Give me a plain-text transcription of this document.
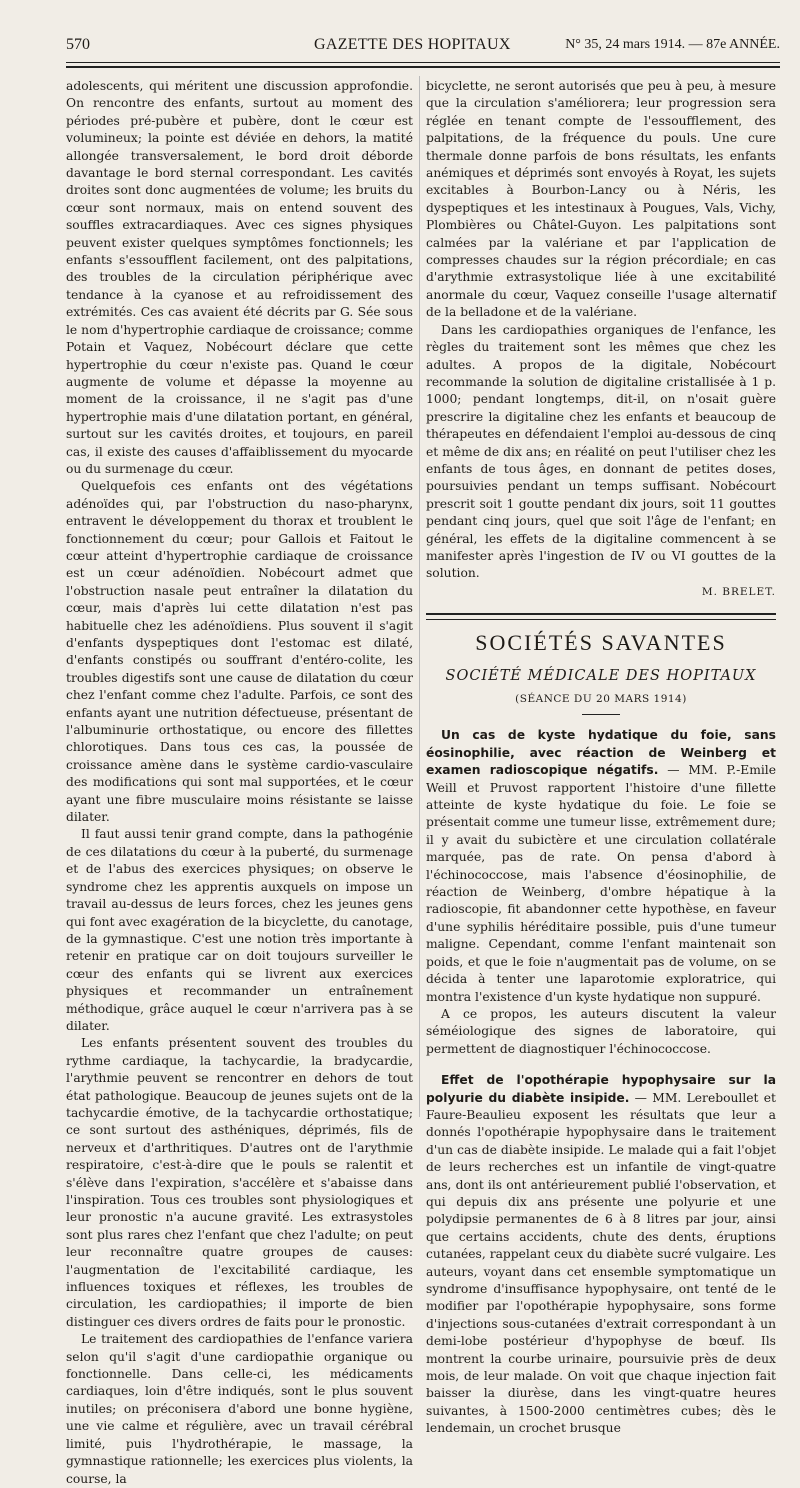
570	GAZETTE DES HOPITAUX	N° 35, 24 mars 1914. — 87e ANNÉE.

adolescents, qui méritent une discussion approfondie. On rencontre des enfants, surtout au moment des périodes pré-pubère et pubère, dont le cœur est volumineux; la pointe est déviée en dehors, la matité allongée transversalement, le bord droit déborde davantage le bord sternal correspondant. Les cavités droites sont donc augmentées de volume; les bruits du cœur sont normaux, mais on entend souvent des souffles extracardiaques. Avec ces signes physiques peuvent exister quelques symptômes fonctionnels; les enfants s'essoufflent facilement, ont des palpitations, des troubles de la circulation périphérique avec tendance à la cyanose et au refroidissement des extrémités. Ces cas avaient été décrits par G. Sée sous le nom d'hypertrophie cardiaque de croissance; comme Potain et Vaquez, Nobécourt déclare que cette hypertrophie du cœur n'existe pas. Quand le cœur augmente de volume et dépasse la moyenne au moment de la croissance, il ne s'agit pas d'une hypertrophie mais d'une dilatation portant, en général, surtout sur les cavités droites, et toujours, en pareil cas, il existe des causes d'affaiblissement du myocarde ou du surmenage du cœur.

Quelquefois ces enfants ont des végétations adénoïdes qui, par l'obstruction du naso-pharynx, entravent le développement du thorax et troublent le fonctionnement du cœur; pour Gallois et Faitout le cœur atteint d'hypertrophie cardiaque de croissance est un cœur adénoïdien. Nobécourt admet que l'obstruction nasale peut entraîner la dilatation du cœur, mais d'après lui cette dilatation n'est pas habituelle chez les adénoïdiens. Plus souvent il s'agit d'enfants dyspeptiques dont l'estomac est dilaté, d'enfants constipés ou souffrant d'entéro-colite, les troubles digestifs sont une cause de dilatation du cœur chez l'enfant comme chez l'adulte. Parfois, ce sont des enfants ayant une nutrition défectueuse, présentant de l'albuminurie orthostatique, ou encore des fillettes chlorotiques. Dans tous ces cas, la poussée de croissance amène dans le système cardio-vasculaire des modifications qui sont mal supportées, et le cœur ayant une fibre musculaire moins résistante se laisse dilater.

Il faut aussi tenir grand compte, dans la pathogénie de ces dilatations du cœur à la puberté, du surmenage et de l'abus des exercices physiques; on observe le syndrome chez les apprentis auxquels on impose un travail au-dessus de leurs forces, chez les jeunes gens qui font avec exagération de la bicyclette, du canotage, de la gymnastique. C'est une notion très importante à retenir en pratique car on doit toujours surveiller le cœur des enfants qui se livrent aux exercices physiques et recommander un entraînement méthodique, grâce auquel le cœur n'arrivera pas à se dilater.

Les enfants présentent souvent des troubles du rythme cardiaque, la tachycardie, la bradycardie, l'arythmie peuvent se rencontrer en dehors de tout état pathologique. Beaucoup de jeunes sujets ont de la tachycardie émotive, de la tachycardie orthostatique; ce sont surtout des asthéniques, déprimés, fils de nerveux et d'arthritiques. D'autres ont de l'arythmie respiratoire, c'est-à-dire que le pouls se ralentit et s'élève dans l'expiration, s'accélère et s'abaisse dans l'inspiration. Tous ces troubles sont physiologiques et leur pronostic n'a aucune gravité. Les extrasystoles sont plus rares chez l'enfant que chez l'adulte; on peut leur reconnaître quatre groupes de causes: l'augmentation de l'excitabilité cardiaque, les influences toxiques et réflexes, les troubles de circulation, les cardiopathies; il importe de bien distinguer ces divers ordres de faits pour le pronostic.

Le traitement des cardiopathies de l'enfance variera selon qu'il s'agit d'une cardiopathie organique ou fonctionnelle. Dans celle-ci, les médicaments cardiaques, loin d'être indiqués, sont le plus souvent inutiles; on préconisera d'abord une bonne hygiène, une vie calme et régulière, avec un travail cérébral limité, puis l'hydrothérapie, le massage, la gymnastique rationnelle; les exercices plus violents, la course, la

bicyclette, ne seront autorisés que peu à peu, à mesure que la circulation s'améliorera; leur progression sera réglée en tenant compte de l'essoufflement, des palpitations, de la fréquence du pouls. Une cure thermale donne parfois de bons résultats, les enfants anémiques et déprimés sont envoyés à Royat, les sujets excitables à Bourbon-Lancy ou à Néris, les dyspeptiques et les intestinaux à Pougues, Vals, Vichy, Plombières ou Châtel-Guyon. Les palpitations sont calmées par la valériane et par l'application de compresses chaudes sur la région précordiale; en cas d'arythmie extrasystolique liée à une excitabilité anormale du cœur, Vaquez conseille l'usage alternatif de la belladone et de la valériane.

Dans les cardiopathies organiques de l'enfance, les règles du traitement sont les mêmes que chez les adultes. A propos de la digitale, Nobécourt recommande la solution de digitaline cristallisée à 1 p. 1000; pendant longtemps, dit-il, on n'osait guère prescrire la digitaline chez les enfants et beaucoup de thérapeutes en défendaient l'emploi au-dessous de cinq et même de dix ans; en réalité on peut l'utiliser chez les enfants de tous âges, en donnant de petites doses, poursuivies pendant un temps suffisant. Nobécourt prescrit soit 1 goutte pendant dix jours, soit 11 gouttes pendant cinq jours, quel que soit l'âge de l'enfant; en général, les effets de la digitaline commencent à se manifester après l'ingestion de IV ou VI gouttes de la solution.

M. BRELET.

SOCIÉTÉS SAVANTES
SOCIÉTÉ MÉDICALE DES HOPITAUX
(SÉANCE DU 20 MARS 1914)

Un cas de kyste hydatique du foie, sans éosinophilie, avec réaction de Weinberg et examen radioscopique négatifs. — MM. P.-Emile Weill et Pruvost rapportent l'histoire d'une fillette atteinte de kyste hydatique du foie. Le foie se présentait comme une tumeur lisse, extrêmement dure; il y avait du subictère et une circulation collatérale marquée, pas de rate. On pensa d'abord à l'échinococcose, mais l'absence d'éosinophilie, de réaction de Weinberg, d'ombre hépatique à la radioscopie, fit abandonner cette hypothèse, en faveur d'une syphilis héréditaire possible, puis d'une tumeur maligne. Cependant, comme l'enfant maintenait son poids, et que le foie n'augmentait pas de volume, on se décida à tenter une laparotomie exploratrice, qui montra l'existence d'un kyste hydatique non suppuré.

A ce propos, les auteurs discutent la valeur séméiologique des signes de laboratoire, qui permettent de diagnostiquer l'échinococcose.

Effet de l'opothérapie hypophysaire sur la polyurie du diabète insipide. — MM. Lereboullet et Faure-Beaulieu exposent les résultats que leur a donnés l'opothérapie hypophysaire dans le traitement d'un cas de diabète insipide. Le malade qui a fait l'objet de leurs recherches est un infantile de vingt-quatre ans, dont ils ont antérieurement publié l'observation, et qui depuis dix ans présente une polyurie et une polydipsie permanentes de 6 à 8 litres par jour, ainsi que certains accidents, chute des dents, éruptions cutanées, rappelant ceux du diabète sucré vulgaire. Les auteurs, voyant dans cet ensemble symptomatique un syndrome d'insuffisance hypophysaire, ont tenté de le modifier par l'opothérapie hypophysaire, sons forme d'injections sous-cutanées d'extrait correspondant à un demi-lobe postérieur d'hypophyse de bœuf. Ils montrent la courbe urinaire, poursuivie près de deux mois, de leur malade. On voit que chaque injection fait baisser la diurèse, dans les vingt-quatre heures suivantes, à 1500-2000 centimètres cubes; dès le lendemain, un crochet brusque
